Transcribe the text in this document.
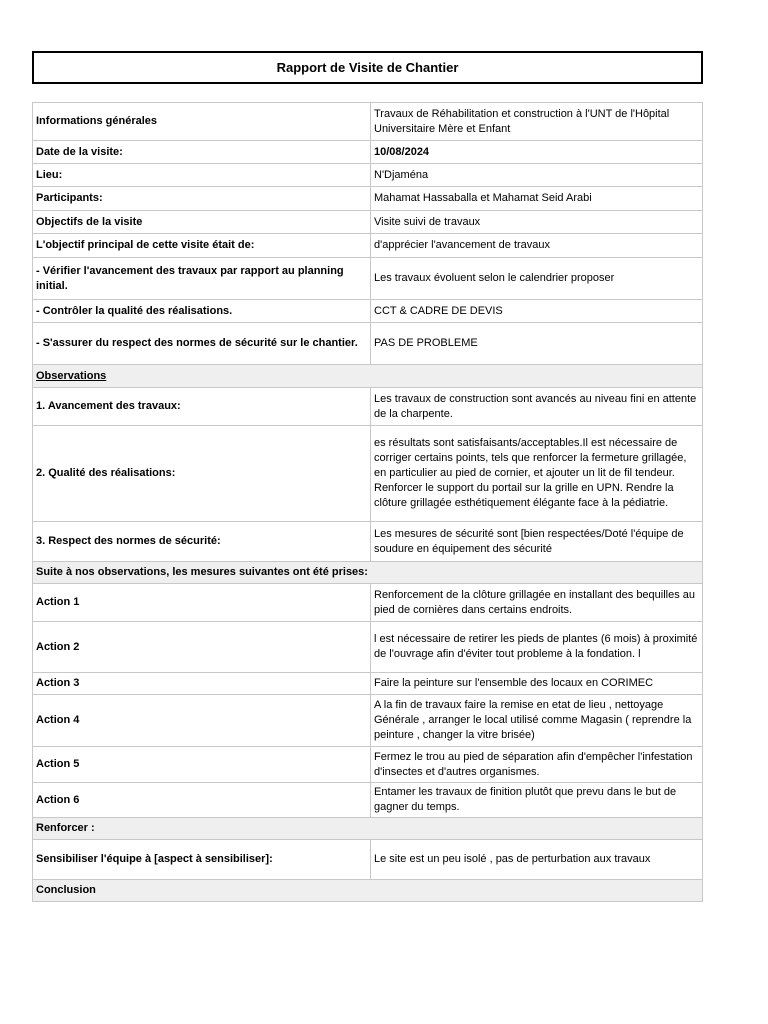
Rapport de Visite de Chantier
Informations générales	Travaux de Réhabilitation et construction à l'UNT de l'Hôpital Universitaire Mère et Enfant
Date de la visite:	10/08/2024
Lieu:	N'Djaména
Participants:	Mahamat Hassaballa et Mahamat Seid Arabi
Objectifs de la visite	Visite suivi de travaux
L'objectif principal de cette visite était de:	d'apprécier l'avancement de travaux
- Vérifier l'avancement des travaux par rapport au planning initial.	Les travaux évoluent selon le calendrier proposer
- Contrôler la qualité des réalisations.	CCT & CADRE DE DEVIS
- S'assurer du respect des normes de sécurité sur le chantier.	PAS DE PROBLEME
Observations	
1. Avancement des travaux:	Les travaux de construction sont avancés au niveau fini en attente de la charpente.
2. Qualité des réalisations:	es résultats sont satisfaisants/acceptables.Il est nécessaire de corriger certains points, tels que renforcer la fermeture grillagée, en particulier au pied de cornier, et ajouter un lit de fil tendeur. Renforcer le support du portail sur la grille en UPN. Rendre la clôture grillagée esthétiquement élégante face à la pédiatrie.
3. Respect des normes de sécurité:	Les mesures de sécurité sont [bien respectées/Doté l'équipe de soudure en équipement des sécurité
Suite à nos observations, les mesures suivantes ont été prises:	
Action 1	Renforcement de la clôture grillagée en installant des bequilles au pied de cornières dans certains endroits.
Action 2	l est nécessaire de retirer les pieds de plantes (6 mois) à proximité de l'ouvrage afin d'éviter tout probleme à la fondation. l
Action 3	Faire la peinture sur l'ensemble des locaux en CORIMEC
Action 4	A la fin de travaux faire la remise en etat de lieu , nettoyage Générale , arranger le local utilisé comme Magasin ( reprendre la peinture , changer la vitre brisée)
Action 5	Fermez le trou au pied de séparation afin d'empêcher l'infestation d'insectes et d'autres organismes.
Action 6	Entamer les travaux de finition plutôt que prevu dans le but de gagner du temps.
Renforcer :	
Sensibiliser l'équipe à [aspect à sensibiliser]:	Le site est un peu isolé , pas de perturbation aux travaux
Conclusion	
